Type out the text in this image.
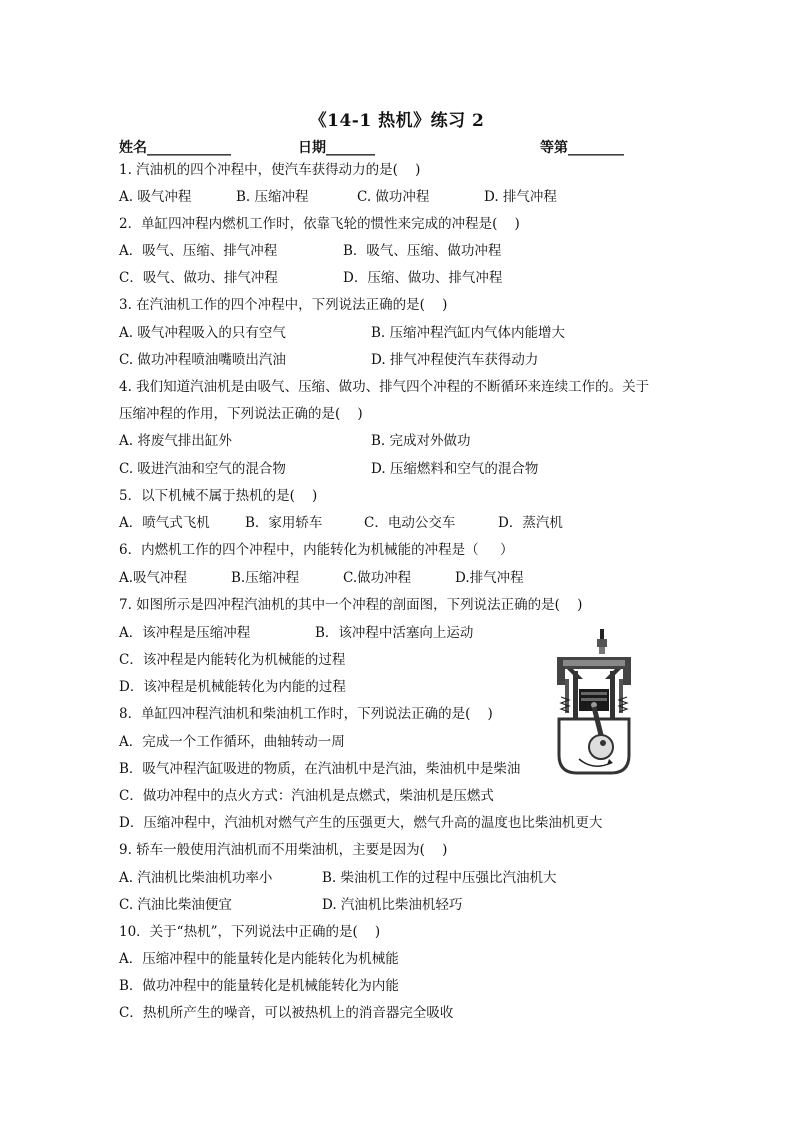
《14-1 热机》练习 2
姓名____________	日期_______	等第________
1. 汽油机的四个冲程中，使汽车获得动力的是(    )
A. 吸气冲程	B. 压缩冲程	C. 做功冲程	D. 排气冲程
2．单缸四冲程内燃机工作时，依靠飞轮的惯性来完成的冲程是(    )
A．吸气、压缩、排气冲程	B．吸气、压缩、做功冲程
C．吸气、做功、排气冲程	D．压缩、做功、排气冲程
3. 在汽油机工作的四个冲程中，下列说法正确的是(    )
A. 吸气冲程吸入的只有空气	B. 压缩冲程汽缸内气体内能增大
C. 做功冲程喷油嘴喷出汽油	D. 排气冲程使汽车获得动力
4. 我们知道汽油机是由吸气、压缩、做功、排气四个冲程的不断循环来连续工作的。关于
压缩冲程的作用，下列说法正确的是(    )
A. 将废气排出缸外	B. 完成对外做功
C. 吸进汽油和空气的混合物	D. 压缩燃料和空气的混合物
5．以下机械不属于热机的是(    )
A．喷气式飞机	B．家用轿车	C．电动公交车	D．蒸汽机
6．内燃机工作的四个冲程中，内能转化为机械能的冲程是（     ）
A.吸气冲程	B.压缩冲程	C.做功冲程	D.排气冲程
7. 如图所示是四冲程汽油机的其中一个冲程的剖面图，下列说法正确的是(    )
A．该冲程是压缩冲程	B．该冲程中活塞向上运动
C．该冲程是内能转化为机械能的过程
D．该冲程是机械能转化为内能的过程
8．单缸四冲程汽油机和柴油机工作时，下列说法正确的是(    )
A．完成一个工作循环，曲轴转动一周
B．吸气冲程汽缸吸进的物质，在汽油机中是汽油，柴油机中是柴油
C．做功冲程中的点火方式：汽油机是点燃式，柴油机是压燃式
D．压缩冲程中，汽油机对燃气产生的压强更大，燃气升高的温度也比柴油机更大
9. 轿车一般使用汽油机而不用柴油机，主要是因为(    )
A. 汽油机比柴油机功率小	B. 柴油机工作的过程中压强比汽油机大
C. 汽油比柴油便宜	D. 汽油机比柴油机轻巧
10．关于“热机”，下列说法中正确的是(    )
A．压缩冲程中的能量转化是内能转化为机械能
B．做功冲程中的能量转化是机械能转化为内能
C．热机所产生的噪音，可以被热机上的消音器完全吸收
